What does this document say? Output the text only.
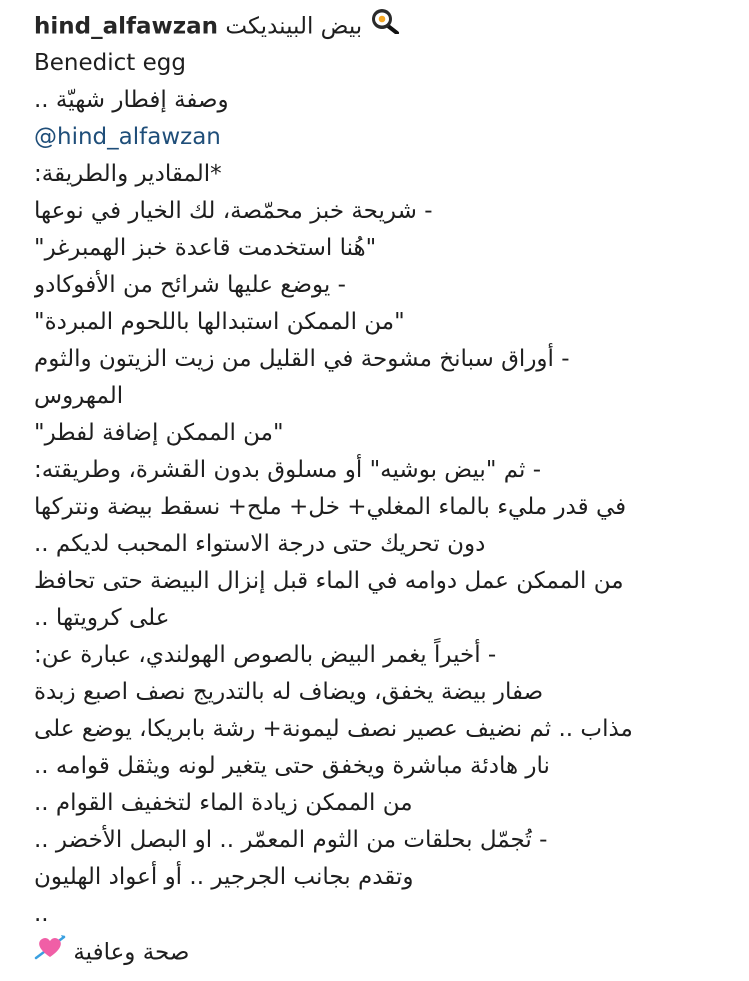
hind_alfawzan بيض البينديكت
Benedict egg
وصفة إفطار شهيّة ..
@hind_alfawzan
*المقادير والطريقة:
- شريحة خبز محمّصة، لك الخيار في نوعها
"هُنا استخدمت قاعدة خبز الهمبرغر"
- يوضع عليها شرائح من الأفوكادو
"من الممكن استبدالها باللحوم المبردة"
- أوراق سبانخ مشوحة في القليل من زيت الزيتون والثوم
المهروس
"من الممكن إضافة لفطر"
- ثم "بيض بوشيه" أو مسلوق بدون القشرة، وطريقته:
في قدر مليء بالماء المغلي+ خل+ ملح+ نسقط بيضة ونتركها
دون تحريك حتى درجة الاستواء المحبب لديكم ..
من الممكن عمل دوامه في الماء قبل إنزال البيضة حتى تحافظ
على كرويتها ..
- أخيراً يغمر البيض بالصوص الهولندي، عبارة عن:
صفار بيضة يخفق، ويضاف له بالتدريج نصف اصبع زبدة
مذاب .. ثم نضيف عصير نصف ليمونة+ رشة بابريكا، يوضع على
نار هادئة مباشرة ويخفق حتى يتغير لونه ويثقل قوامه ..
من الممكن زيادة الماء لتخفيف القوام ..
- تُجمّل بحلقات من الثوم المعمّر .. او البصل الأخضر ..
وتقدم بجانب الجرجير .. أو أعواد الهليون
..
صحة وعافية
